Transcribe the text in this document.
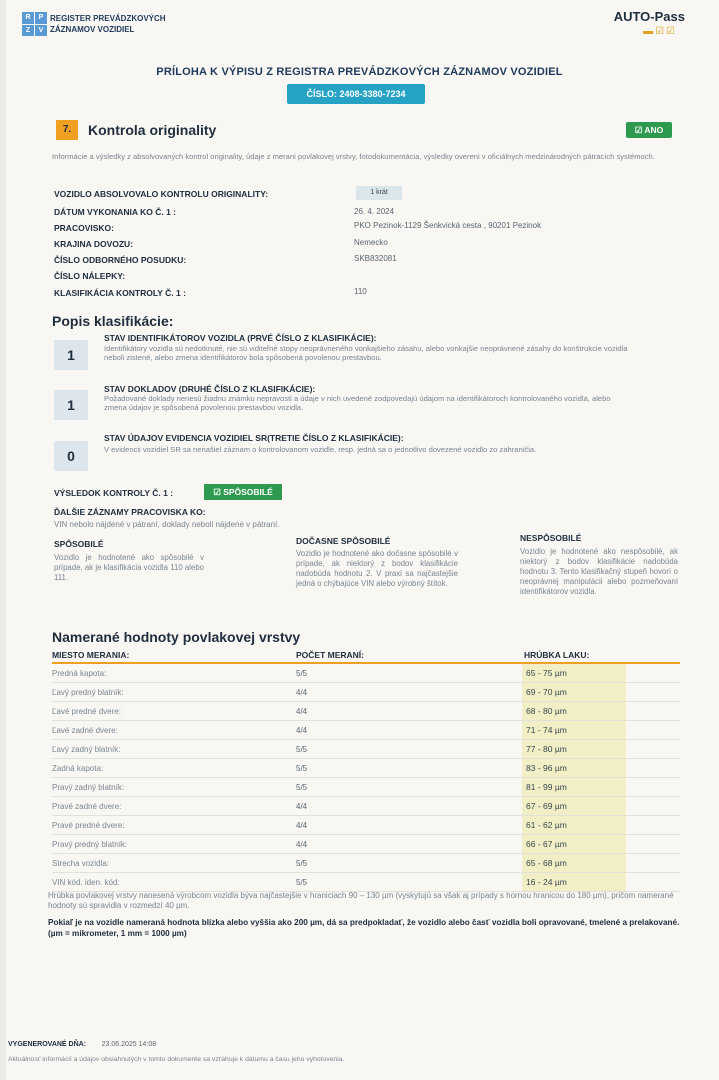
R	P
Z	V
REGISTER PREVÁDZKOVÝCH
ZÁZNAMOV VOZIDIEL
AUTO-Pass
▬ ☑ ☑
PRÍLOHA K VÝPISU Z REGISTRA PREVÁDZKOVÝCH ZÁZNAMOV VOZIDIEL
ČÍSLO: 2408-3380-7234
7.	Kontrola originality	☑ ANO
Informácie a výsledky z absolvovaných kontrol originality, údaje z merani povlakovej vrstvy, fotodokumentácia, výsledky overeni v oficiálnych medzinárodných pátracích systémoch.
VOZIDLO ABSOLVOVALO KONTROLU ORIGINALITY:	1 krát
DÁTUM VYKONANIA KO Č. 1 :	26. 4. 2024
PRACOVISKO:	PKO Pezinok-1129 Šenkvická cesta , 90201 Pezinok
KRAJINA DOVOZU:	Nemecko
ČÍSLO ODBORNÉHO POSUDKU:	SKB832081
ČÍSLO NÁLEPKY:
KLASIFIKÁCIA KONTROLY Č. 1 :	110
Popis klasifikácie:
1
STAV IDENTIFIKÁTOROV VOZIDLA (PRVÉ ČÍSLO Z KLASIFIKÁCIE):
Identifikátory vozidla sú nedotknuté, nie sú viditeľné stopy neoprávneného vonkajšieho zásahu, alebo vonkajšie neoprávnené zásahy do konštrukcie vozidla neboli zistené, alebo zmena identifikátorov bola spôsobená povolenou prestavbou.
1
STAV DOKLADOV (DRUHÉ ČÍSLO Z KLASIFIKÁCIE):
Požadované doklady nenesú žiadnu známku nepravosti a údaje v nich uvedené zodpovedajú údajom na identifikátoroch kontrolovaného vozidla, alebo zmena údajov je spôsobená povolenou prestavbou vozidla.
0
STAV ÚDAJOV EVIDENCIA VOZIDIEL SR(TRETIE ČÍSLO Z KLASIFIKÁCIE):
V evidencii vozidiel SR sa nenašiel záznam o kontrolovanom vozidle, resp. jedná sa o jednotlivo dovezené vozidlo zo zahraničia.
VÝSLEDOK KONTROLY Č. 1 :	☑ SPÔSOBILÉ
ĎALŠIE ZÁZNAMY PRACOVISKA KO:
VIN nebolo nájdené v pátraní, doklady neboli nájdené v pátraní.
SPÔSOBILÉ
Vozidlo je hodnotené ako spôsobilé v prípade, ak je klasifikácia vozidla 110 alebo 111.
DOČASNE SPÔSOBILÉ
Vozidlo je hodnotené ako dočasne spôsobilé v prípade, ak niektorý z bodov klasifikácie nadobúda hodnotu 2. V praxi sa najčastejšie jedná o chýbajúce VIN alebo výrobný štítok.
NESPÔSOBILÉ
Vozidlo je hodnotené ako nespôsobilé, ak niektorý z bodov klasifikácie nadobúda hodnotu 3. Tento klasifikačný stupeň hovorí o neoprávnej manipulácii alebo pozmeňovaní identifikátorov vozidla.
Namerané hodnoty povlakovej vrstvy
MIESTO MERANIA:	POČET MERANÍ:	HRÚBKA LAKU:
Predná kapota:	5/5	65 - 75 µm
Ľavý predný blatník:	4/4	69 - 70 µm
Ľavé predné dvere:	4/4	68 - 80 µm
Ľavé zadné dvere:	4/4	71 - 74 µm
Ľavý zadný blatník:	5/5	77 - 80 µm
Zadná kapota:	5/5	83 - 96 µm
Pravý zadný blatník:	5/5	81 - 99 µm
Pravé zadné dvere:	4/4	67 - 69 µm
Pravé predné dvere:	4/4	61 - 62 µm
Pravý predný blatník:	4/4	66 - 67 µm
Strecha vozidla:	5/5	65 - 68 µm
VIN kód. iden. kód:	5/5	16 - 24 µm
Hrúbka povlakovej vrstvy nanesená výrobcom vozidla býva najčastejšie v hraniciach 90 – 130 µm (vyskytujú sa však aj prípady s hornou hranicou do 180 µm), pričom namerané hodnoty sú spravidla v rozmedzí 40 µm.
Pokiaľ je na vozidle nameraná hodnota blízka alebo vyššia ako 200 µm, dá sa predpokladať, že vozidlo alebo časť vozidla boli opravované, tmelené a prelakované. (µm = mikrometer, 1 mm = 1000 µm)
VYGENEROVANÉ DŇA: 23.06.2025 14:08
Aktuálnosť informácií a údajov obsiahnutých v tomto dokumente sa vzťahuje k dátumu a času jeho vyhotovenia.
